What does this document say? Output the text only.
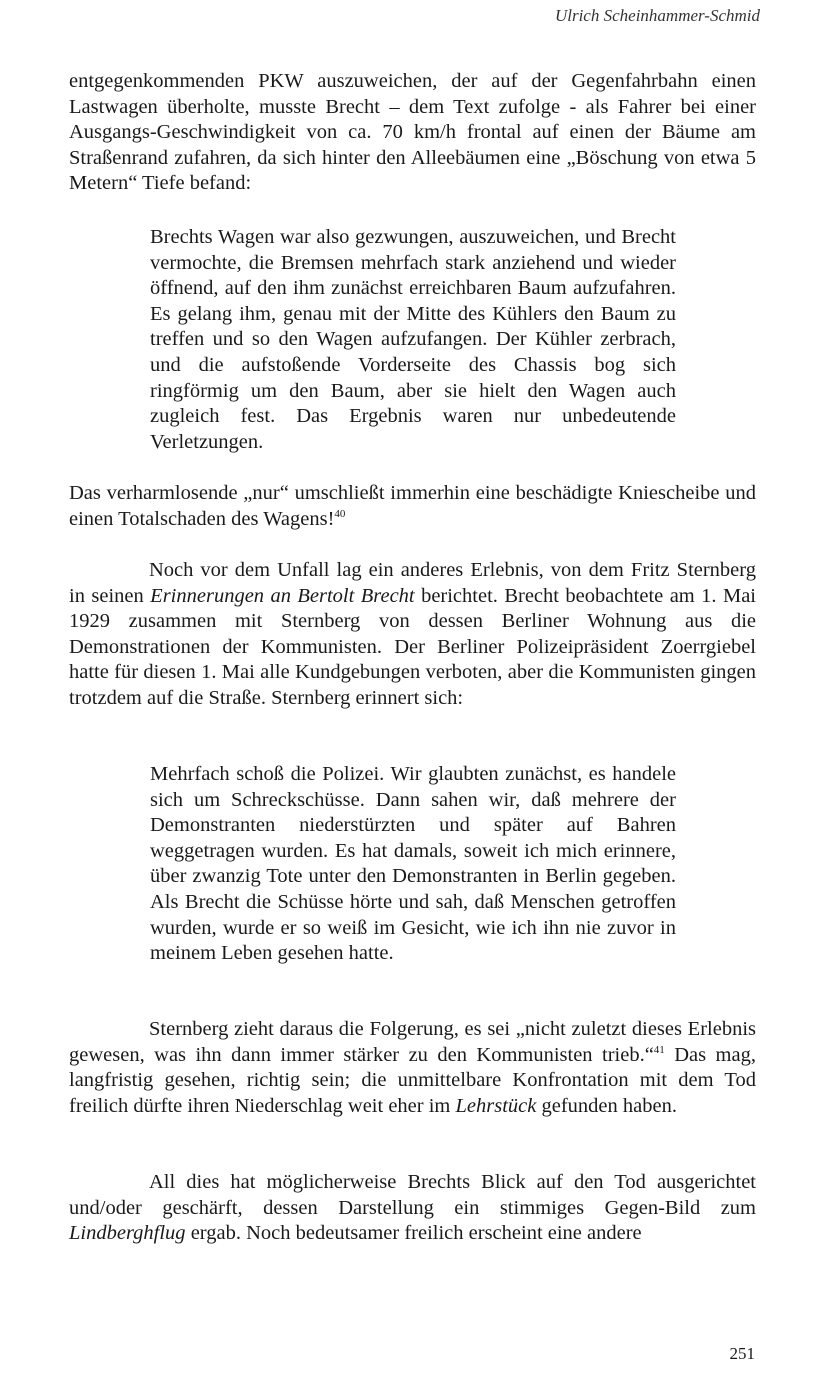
Ulrich Scheinhammer-Schmid

entgegenkommenden PKW auszuweichen, der auf der Gegenfahrbahn einen Lastwagen überholte, musste Brecht – dem Text zufolge - als Fahrer bei einer Ausgangs-Geschwindigkeit von ca. 70 km/h frontal auf einen der Bäume am Straßenrand zufahren, da sich hinter den Alleebäumen eine „Böschung von etwa 5 Metern“ Tiefe befand:

Brechts Wagen war also gezwungen, auszuweichen, und Brecht vermochte, die Bremsen mehrfach stark anziehend und wieder öffnend, auf den ihm zunächst erreichbaren Baum aufzufahren. Es gelang ihm, genau mit der Mitte des Kühlers den Baum zu treffen und so den Wagen aufzufangen. Der Kühler zerbrach, und die aufstoßende Vorderseite des Chassis bog sich ringförmig um den Baum, aber sie hielt den Wagen auch zugleich fest. Das Ergebnis waren nur unbedeutende Verletzungen.

Das verharmlosende „nur“ umschließt immerhin eine beschädigte Kniescheibe und einen Totalschaden des Wagens!$^{40}$

Noch vor dem Unfall lag ein anderes Erlebnis, von dem Fritz Sternberg in seinen Erinnerungen an Bertolt Brecht berichtet. Brecht beobachtete am 1. Mai 1929 zusammen mit Sternberg von dessen Berliner Wohnung aus die Demonstrationen der Kommunisten. Der Berliner Polizeipräsident Zoerrgiebel hatte für diesen 1. Mai alle Kundgebungen verboten, aber die Kommunisten gingen trotzdem auf die Straße. Sternberg erinnert sich:

Mehrfach schoß die Polizei. Wir glaubten zunächst, es handele sich um Schreckschüsse. Dann sahen wir, daß mehrere der Demonstranten niederstürzten und später auf Bahren weggetragen wurden. Es hat damals, soweit ich mich erinnere, über zwanzig Tote unter den Demonstranten in Berlin gegeben. Als Brecht die Schüsse hörte und sah, daß Menschen getroffen wurden, wurde er so weiß im Gesicht, wie ich ihn nie zuvor in meinem Leben gesehen hatte.

Sternberg zieht daraus die Folgerung, es sei „nicht zuletzt dieses Erlebnis gewesen, was ihn dann immer stärker zu den Kommunisten trieb.“$^{41}$ Das mag, langfristig gesehen, richtig sein; die unmittelbare Konfrontation mit dem Tod freilich dürfte ihren Niederschlag weit eher im Lehrstück gefunden haben.

All dies hat möglicherweise Brechts Blick auf den Tod ausgerichtet und/oder geschärft, dessen Darstellung ein stimmiges Gegen-Bild zum Lindberghflug ergab. Noch bedeutsamer freilich erscheint eine andere

251
